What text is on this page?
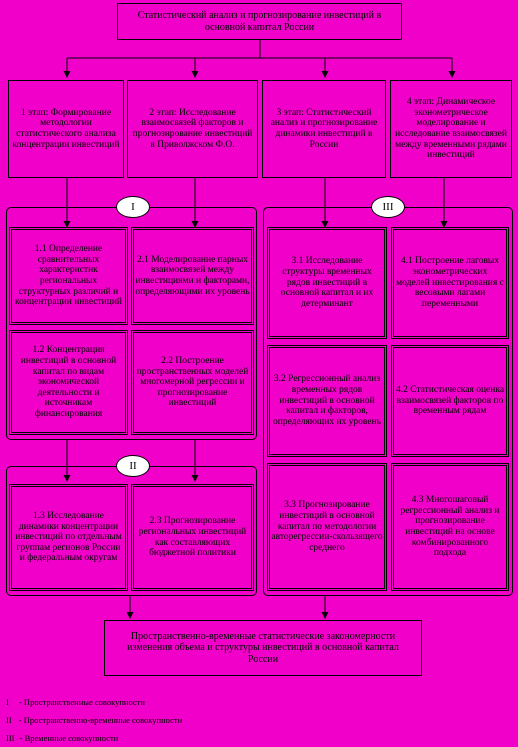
Статистический анализ и прогнозирование инвестиций в основной капитал России
1 этап: Формирование методологии статистического анализа концентрации инвестиций
2 этап: Исследование взаимосвязей факторов и прогнозирование инвестиций в Приволжском Ф.О.
3 этап: Статистический анализ и прогнозирование динамики инвестиций в России
4 этап: Динамическое эконометрическое моделирование и исследование взаимосвязей между временными рядами инвестиций
I
1.1 Определение сравнительных характеристик региональных структурных различий и концентрации инвестиций
2.1 Моделирование парных взаимосвязей между инвестициями и факторами, определяющими их уровень
1.2 Концентрация инвестиций в основной капитал по видам экономической деятельности и источникам финансирования
2.2 Построение пространственных моделей многомерной регрессии и прогнозирование инвестиций
II
1.3 Исследование динамики концентрации инвестиций по отдельным группам регионов России и федеральным округам
2.3 Прогнозирование региональных инвестиций как составляющих бюджетной политики
III
3.1 Исследование структуры временных рядов инвестиций в основной капитал и их детерминант
4.1 Построение лаговых эконометрических моделей инвестирования с весовыми лагами переменными
3.2 Регрессионный анализ временных рядов инвестиций в основной капитал и факторов, определяющих их уровень
4.2 Статистическая оценка взаимосвязей факторов по временным рядам
3.3 Прогнозирование инвестиций в основной капитал по методологии авторегрессии-скользящего среднего
4.3 Многошаговый регрессионный анализ и прогнозирование инвестиций на основе комбинированного подхода
Пространственно-временные статистические закономерности изменения объема и структуры инвестиций в основной капитал России
I - Пространственные совокупности
II - Пространственно-временные совокупности
III - Временные совокупности
